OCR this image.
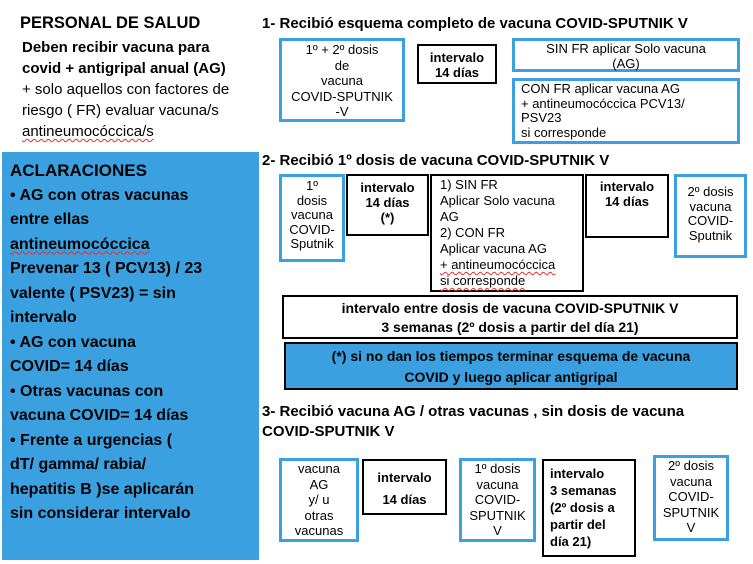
PERSONAL DE SALUD
Deben recibir vacuna para
covid + antigripal anual (AG)
+ solo aquellos con factores de
riesgo ( FR) evaluar vacuna/s
antineumocóccica/s
ACLARACIONES
• AG con otras vacunas
entre ellas
antineumocóccica
Prevenar 13 ( PCV13) / 23
valente ( PSV23) = sin
intervalo
• AG con vacuna
COVID= 14 días
• Otras vacunas con
vacuna COVID= 14 días
• Frente a urgencias (
dT/ gamma/ rabia/
hepatitis B )se aplicarán
sin considerar intervalo
1- Recibió esquema completo de vacuna COVID-SPUTNIK V
1º + 2º dosis
de
vacuna
COVID-SPUTNIK
-V
intervalo
14 días
SIN FR aplicar Solo vacuna
(AG)
CON FR aplicar vacuna AG
+ antineumocóccica PCV13/
PSV23
si corresponde
2- Recibió 1º dosis de vacuna COVID-SPUTNIK V
1º
dosis
vacuna
COVID-
Sputnik
intervalo
14 días
(*)
1) SIN FR
Aplicar Solo vacuna
AG
2) CON FR
Aplicar vacuna AG
+ antineumocóccica
si corresponde
intervalo
14 días
2º dosis
vacuna
COVID-
Sputnik
intervalo entre dosis de vacuna COVID-SPUTNIK V
3 semanas (2º dosis a partir del día 21)
(*) si no dan los tiempos terminar esquema de vacuna
COVID y luego aplicar antigripal
3- Recibió vacuna AG / otras vacunas , sin dosis de vacuna
COVID-SPUTNIK V
vacuna
AG
y/ u
otras
vacunas
intervalo
14 días
1º dosis
vacuna
COVID-
SPUTNIK
V
intervalo
3 semanas
(2º dosis a
partir del
día 21)
2º dosis
vacuna
COVID-
SPUTNIK
V
